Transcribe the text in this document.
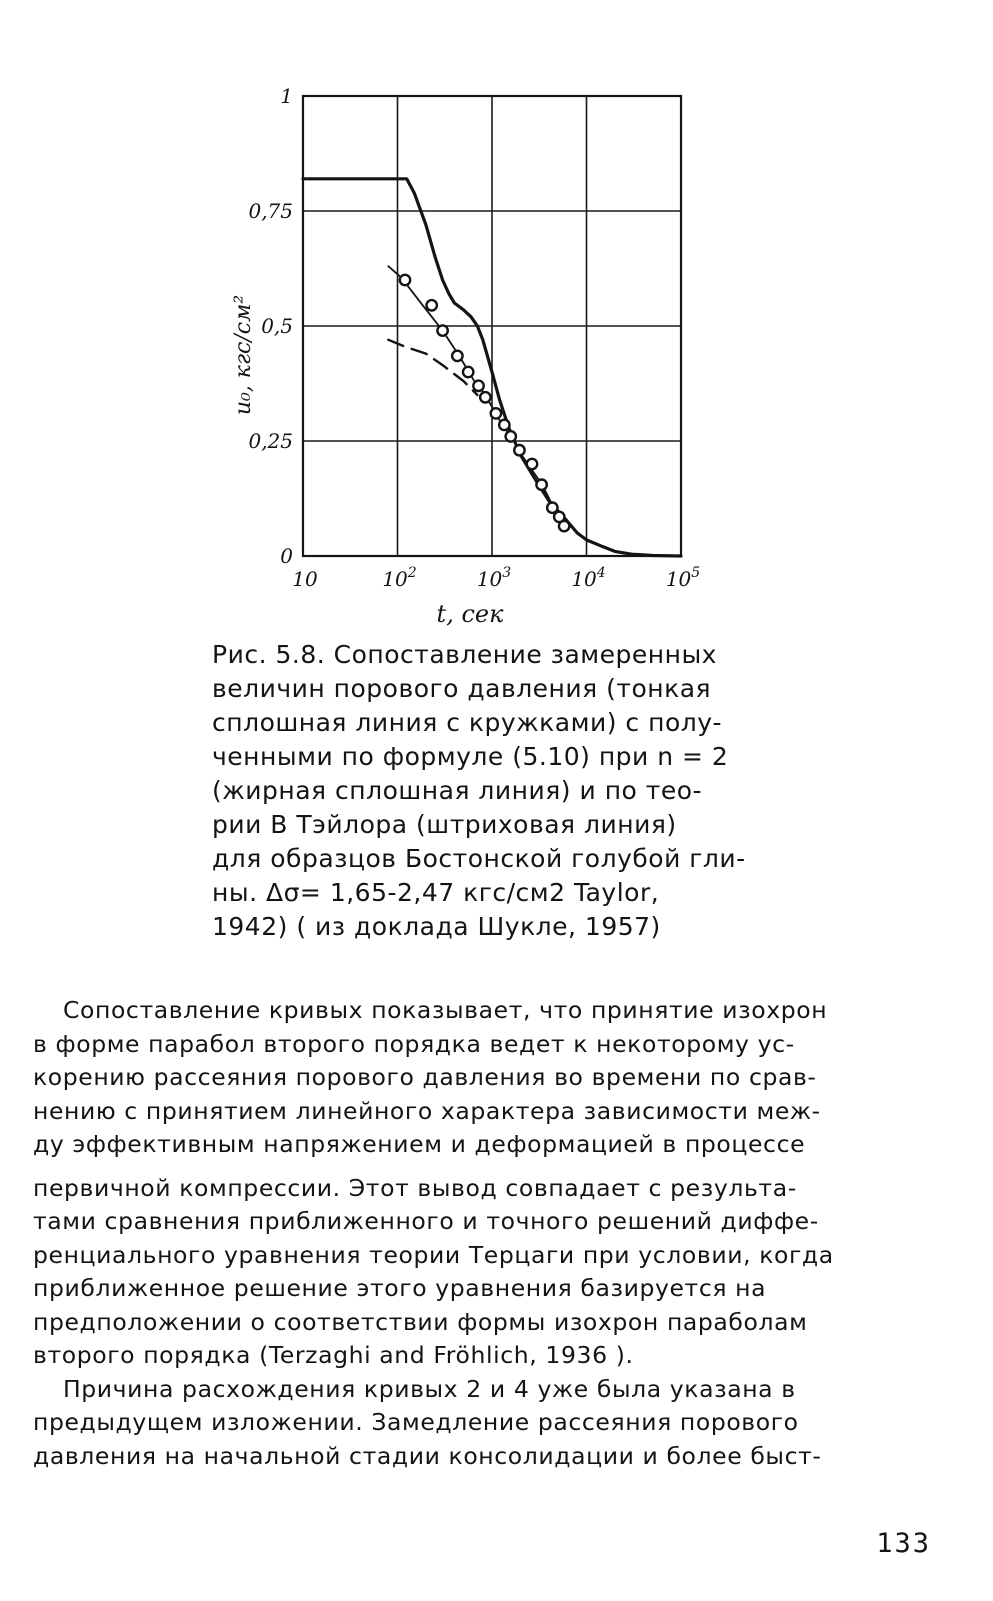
10	$10^2$	$10^3$	$10^4$	$10^5$
0
0,25
0,5
0,75
1
u₀, кгс/см²
t, сек
Рис. 5.8. Сопоставление замеренных
величин порового давления (тонкая
сплошная линия с кружками) с полу-
ченными по формуле (5.10) при n = 2
(жирная сплошная линия) и по тео-
рии B Тэйлора (штриховая линия)
для образцов Бостонской голубой гли-
ны. Δσ= 1,65-2,47 кгс/см2 Taylor,
1942) ( из доклада Шукле, 1957)
Сопоставление кривых показывает, что принятие изохрон
в форме парабол второго порядка ведет к некоторому ус-
корению рассеяния порового давления во времени по срав-
нению с принятием линейного характера зависимости меж-
ду эффективным напряжением и деформацией в процессе
первичной компрессии. Этот вывод совпадает с результа-
тами сравнения приближенного и точного решений диффе-
ренциального уравнения теории Терцаги при условии, когда
приближенное решение этого уравнения базируется на
предположении о соответствии формы изохрон параболам
второго порядка (Terzaghi and Fröhlich, 1936 ).
Причина расхождения кривых 2 и 4 уже была указана в
предыдущем изложении. Замедление рассеяния порового
давления на начальной стадии консолидации и более быст-
133
